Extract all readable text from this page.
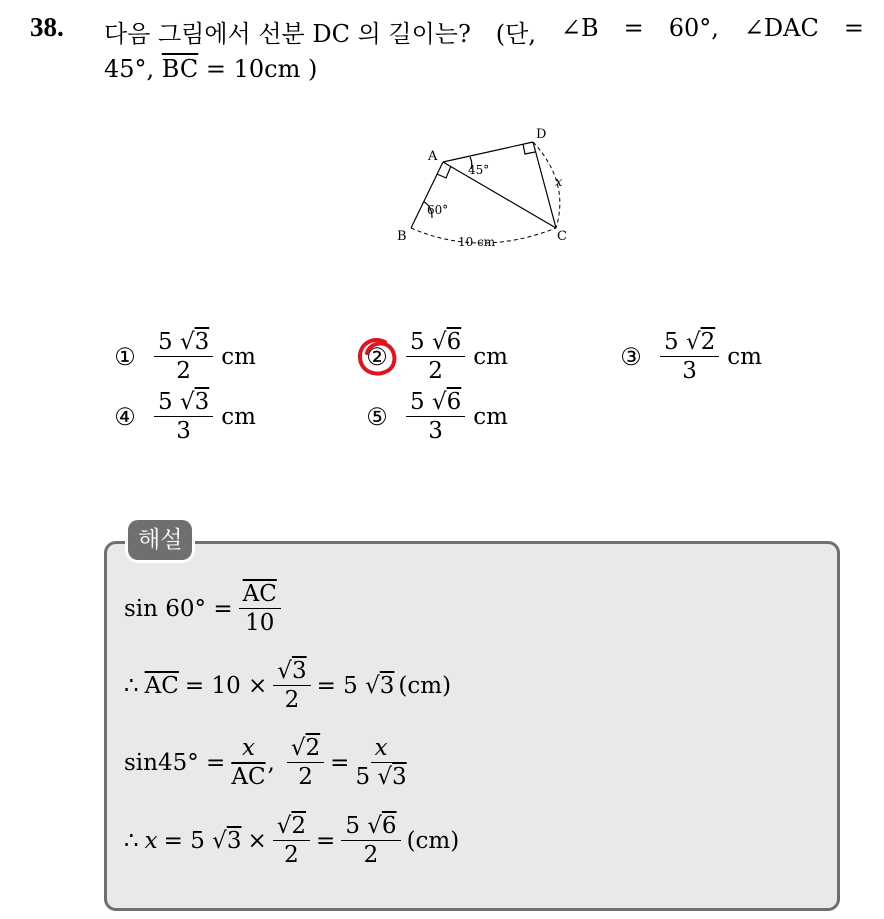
38. 다음 그림에서 선분 DC 의 길이는? (단, ∠B = 60°, ∠DAC =
45°, $\overline{BC} = 10cm$ )
A
B	C
D
45°
60°
10 cm
x
① $\frac{5 √3}{2}$ cm	② $\frac{5 √6}{2}$ cm	③ $\frac{5 √2}{3}$ cm
④ $\frac{5 √3}{3}$ cm	⑤ $\frac{5 √6}{3}$ cm
해설
$\sin 60^\circ = \frac{\overline{AC}}{10}$
∴ $\overline{AC} = 10 \times \frac{√3}{2} = 5$ √ 3 (cm)
$\sin 45^\circ = \frac{x}{AC}$ , $\frac{√2}{2} = \frac{x}{5 √3}$
∴ x = 5 √ $3 \times \frac{√2}{2} = \frac{5 √6}{2} (cm)$
